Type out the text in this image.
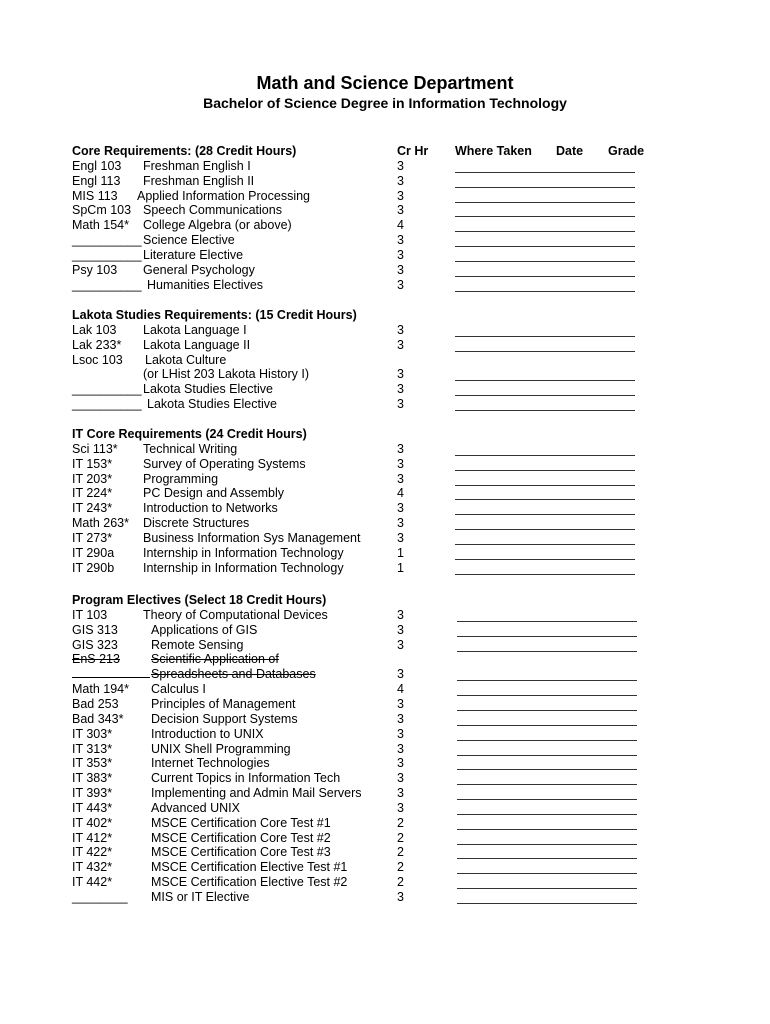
Math and Science Department
Bachelor of Science Degree in Information Technology
Cr Hr Where Taken Date Grade
Core Requirements: (28 Credit Hours)
Engl 103 Freshman English I	3
Engl 113 Freshman English II	3
MIS 113 Applied Information Processing	3
SpCm 103 Speech Communications	3
Math 154* College Algebra (or above)	4
__________ Science Elective	3
__________ Literature Elective	3
Psy 103 General Psychology	3
__________ Humanities Electives	3
Lakota Studies Requirements: (15 Credit Hours)
Lak 103 Lakota Language I	3
Lak 233* Lakota Language II	3
Lsoc 103 Lakota Culture
(or LHist 203 Lakota History I)	3
__________ Lakota Studies Elective	3
__________ Lakota Studies Elective	3
IT Core Requirements (24 Credit Hours)
Sci 113* Technical Writing	3
IT 153* Survey of Operating Systems	3
IT 203* Programming	3
IT 224* PC Design and Assembly	4
IT 243* Introduction to Networks	3
Math 263* Discrete Structures	3
IT 273* Business Information Sys Management	3
IT 290a Internship in Information Technology	1
IT 290b Internship in Information Technology	1
Program Electives (Select 18 Credit Hours)
IT 103	Theory of Computational Devices	3
GIS 313	Applications of GIS	3
GIS 323	Remote Sensing	3
EnS 213 Scientific Application of
Spreadsheets and Databases	3
Math 194* Calculus I	4
Bad 253	Principles of Management	3
Bad 343* Decision Support Systems	3
IT 303*	Introduction to UNIX	3
IT 313*	UNIX Shell Programming	3
IT 353*	Internet Technologies	3
IT 383*	Current Topics in Information Tech	3
IT 393*	Implementing and Admin Mail Servers	3
IT 443*	Advanced UNIX	3
IT 402*	MSCE Certification Core Test #1	2
IT 412*	MSCE Certification Core Test #2	2
IT 422*	MSCE Certification Core Test #3	2
IT 432*	MSCE Certification Elective Test #1	2
IT 442*	MSCE Certification Elective Test #2	2
________ MIS or IT Elective	3
